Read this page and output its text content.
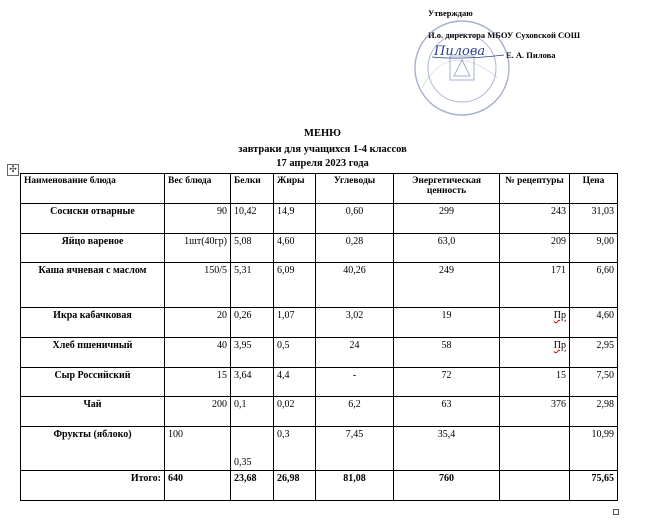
Утверждаю
И.о. директора МБОУ Суховской СОШ
Е. А. Пилова
Пилова
МЕНЮ
завтраки для учащихся 1-4 классов
17 апреля 2023 года
✣
Наименование блюда	Вес блюда	Белки	Жиры	Углеводы	Энергетическая ценность	№ рецептуры	Цена
Сосиски отварные	90	10,42	14,9	0,60	299	243	31,03
Яйцо вареное	1шт(40гр)	5,08	4,60	0,28	63,0	209	9,00
Каша ячневая с маслом	150/5	5,31	6,09	40,26	249	171	6,60
Икра кабачковая	20	0,26	1,07	3,02	19	Пр	4,60
Хлеб пшеничный	40	3,95	0,5	24	58	Пр	2,95
Сыр Российский	15	3,64	4,4	-	72	15	7,50
Чай	200	0,1	0,02	6,2	63	376	2,98
Фрукты (яблоко)	100	0,35	0,3	7,45	35,4		10,99
Итого:	640	23,68	26,98	81,08	760		75,65
